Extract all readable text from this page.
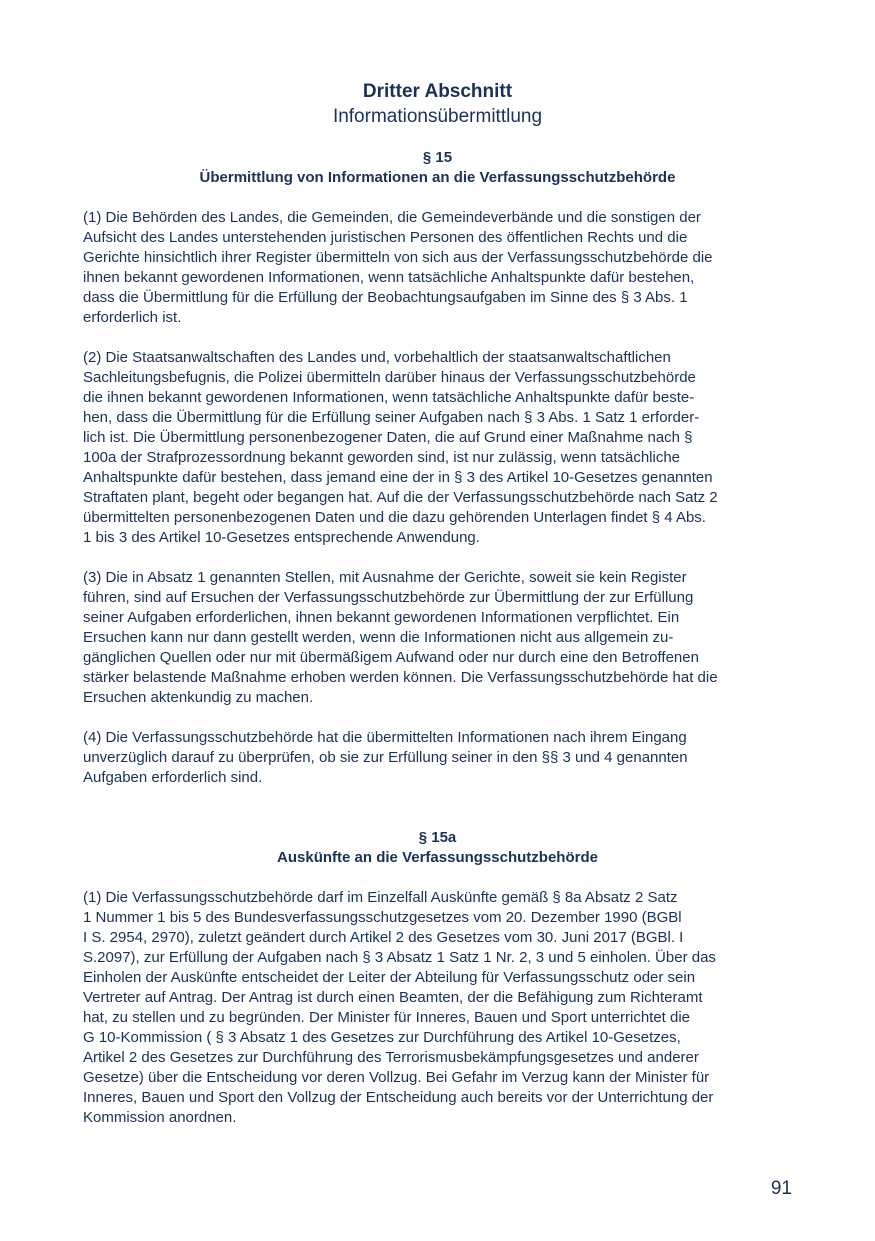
Dritter Abschnitt
Informationsübermittlung
§ 15
Übermittlung von Informationen an die Verfassungsschutzbehörde
(1) Die Behörden des Landes, die Gemeinden, die Gemeindeverbände und die sonstigen der
Aufsicht des Landes unterstehenden juristischen Personen des öffentlichen Rechts und die
Gerichte hinsichtlich ihrer Register übermitteln von sich aus der Verfassungsschutzbehörde die
ihnen bekannt gewordenen Informationen, wenn tatsächliche Anhaltspunkte dafür bestehen,
dass die Übermittlung für die Erfüllung der Beobachtungsaufgaben im Sinne des § 3 Abs. 1
erforderlich ist.
(2) Die Staatsanwaltschaften des Landes und, vorbehaltlich der staatsanwaltschaftlichen
Sachleitungsbefugnis, die Polizei übermitteln darüber hinaus der Verfassungsschutzbehörde
die ihnen bekannt gewordenen Informationen, wenn tatsächliche Anhaltspunkte dafür beste-
hen, dass die Übermittlung für die Erfüllung seiner Aufgaben nach § 3 Abs. 1 Satz 1 erforder-
lich ist. Die Übermittlung personenbezogener Daten, die auf Grund einer Maßnahme nach §
100a der Strafprozessordnung bekannt geworden sind, ist nur zulässig, wenn tatsächliche
Anhaltspunkte dafür bestehen, dass jemand eine der in § 3 des Artikel 10-Gesetzes genannten
Straftaten plant, begeht oder begangen hat. Auf die der Verfassungsschutzbehörde nach Satz 2
übermittelten personenbezogenen Daten und die dazu gehörenden Unterlagen findet § 4 Abs.
1 bis 3 des Artikel 10-Gesetzes entsprechende Anwendung.
(3) Die in Absatz 1 genannten Stellen, mit Ausnahme der Gerichte, soweit sie kein Register
führen, sind auf Ersuchen der Verfassungsschutzbehörde zur Übermittlung der zur Erfüllung
seiner Aufgaben erforderlichen, ihnen bekannt gewordenen Informationen verpflichtet. Ein
Ersuchen kann nur dann gestellt werden, wenn die Informationen nicht aus allgemein zu-
gänglichen Quellen oder nur mit übermäßigem Aufwand oder nur durch eine den Betroffenen
stärker belastende Maßnahme erhoben werden können. Die Verfassungsschutzbehörde hat die
Ersuchen aktenkundig zu machen.
(4) Die Verfassungsschutzbehörde hat die übermittelten Informationen nach ihrem Eingang
unverzüglich darauf zu überprüfen, ob sie zur Erfüllung seiner in den §§ 3 und 4 genannten
Aufgaben erforderlich sind.
§ 15a
Auskünfte an die Verfassungsschutzbehörde
(1) Die Verfassungsschutzbehörde darf im Einzelfall Auskünfte gemäß § 8a Absatz 2 Satz
1 Nummer 1 bis 5 des Bundesverfassungsschutzgesetzes vom 20. Dezember 1990 (BGBl
I S. 2954, 2970), zuletzt geändert durch Artikel 2 des Gesetzes vom 30. Juni 2017 (BGBl. I
S.2097), zur Erfüllung der Aufgaben nach § 3 Absatz 1 Satz 1 Nr. 2, 3 und 5 einholen. Über das
Einholen der Auskünfte entscheidet der Leiter der Abteilung für Verfassungsschutz oder sein
Vertreter auf Antrag. Der Antrag ist durch einen Beamten, der die Befähigung zum Richteramt
hat, zu stellen und zu begründen. Der Minister für Inneres, Bauen und Sport unterrichtet die
G 10-Kommission ( § 3 Absatz 1 des Gesetzes zur Durchführung des Artikel 10-Gesetzes,
Artikel 2 des Gesetzes zur Durchführung des Terrorismusbekämpfungsgesetzes und anderer
Gesetze) über die Entscheidung vor deren Vollzug. Bei Gefahr im Verzug kann der Minister für
Inneres, Bauen und Sport den Vollzug der Entscheidung auch bereits vor der Unterrichtung der
Kommission anordnen.
91
